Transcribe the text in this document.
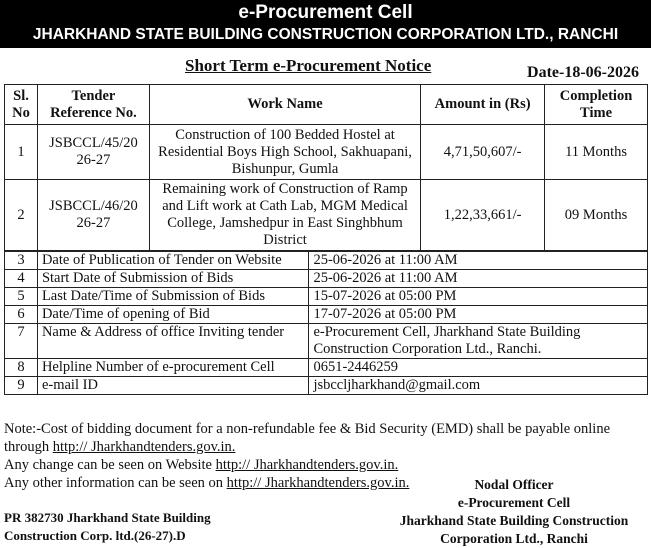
e-Procurement Cell
JHARKHAND STATE BUILDING CONSTRUCTION CORPORATION LTD., RANCHI
Short Term e-Procurement Notice	Date-18-06-2026
Sl. No	Tender Reference No.	Work Name	Amount in (Rs)	Completion Time
1	JSBCCL/45/20 26-27	Construction of 100 Bedded Hostel at Residential Boys High School, Sakhuapani, Bishunpur, Gumla	4,71,50,607/-	11 Months
2	JSBCCL/46/20 26-27	Remaining work of Construction of Ramp and Lift work at Cath Lab, MGM Medical College, Jamshedpur in East Singhbhum District	1,22,33,661/-	09 Months
3	Date of Publication of Tender on Website	25-06-2026 at 11:00 AM
4	Start Date of Submission of Bids	25-06-2026 at 11:00 AM
5	Last Date/Time of Submission of Bids	15-07-2026 at 05:00 PM
6	Date/Time of opening of Bid	17-07-2026 at 05:00 PM
7	Name & Address of office Inviting tender	e-Procurement Cell, Jharkhand State Building Construction Corporation Ltd., Ranchi.
8	Helpline Number of e-procurement Cell	0651-2446259
9	e-mail ID	jsbccljharkhand@gmail.com
Note:-Cost of bidding document for a non-refundable fee & Bid Security (EMD) shall be payable online through http:// Jharkhandtenders.gov.in.
Any change can be seen on Website http:// Jharkhandtenders.gov.in.
Any other information can be seen on http:// Jharkhandtenders.gov.in.	Nodal Officer
e-Procurement Cell
Jharkhand State Building Construction
Corporation Ltd., Ranchi
PR 382730 Jharkhand State Building
Construction Corp. ltd.(26-27).D
